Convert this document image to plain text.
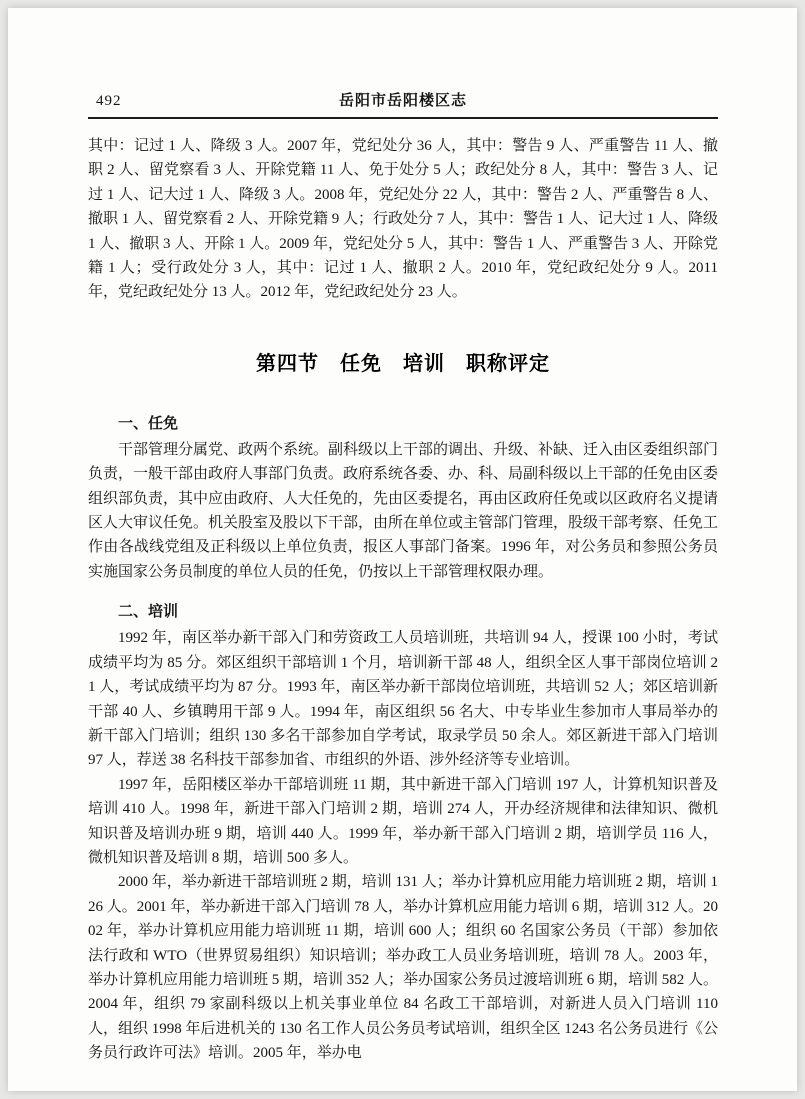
492	岳阳市岳阳楼区志

其中：记过 1 人、降级 3 人。2007 年，党纪处分 36 人，其中：警告 9 人、严重警告 11 人、撤职 2 人、留党察看 3 人、开除党籍 11 人、免于处分 5 人；政纪处分 8 人，其中：警告 3 人、记过 1 人、记大过 1 人、降级 3 人。2008 年，党纪处分 22 人，其中：警告 2 人、严重警告 8 人、撤职 1 人、留党察看 2 人、开除党籍 9 人；行政处分 7 人，其中：警告 1 人、记大过 1 人、降级 1 人、撤职 3 人、开除 1 人。2009 年，党纪处分 5 人，其中：警告 1 人、严重警告 3 人、开除党籍 1 人；受行政处分 3 人，其中：记过 1 人、撤职 2 人。2010 年，党纪政纪处分 9 人。2011 年，党纪政纪处分 13 人。2012 年，党纪政纪处分 23 人。

第四节　任免　培训　职称评定
一、任免

干部管理分属党、政两个系统。副科级以上干部的调出、升级、补缺、迁入由区委组织部门负责，一般干部由政府人事部门负责。政府系统各委、办、科、局副科级以上干部的任免由区委组织部负责，其中应由政府、人大任免的，先由区委提名，再由区政府任免或以区政府名义提请区人大审议任免。机关股室及股以下干部，由所在单位或主管部门管理，股级干部考察、任免工作由各战线党组及正科级以上单位负责，报区人事部门备案。1996 年，对公务员和参照公务员实施国家公务员制度的单位人员的任免，仍按以上干部管理权限办理。

二、培训

1992 年，南区举办新干部入门和劳资政工人员培训班，共培训 94 人，授课 100 小时，考试成绩平均为 85 分。郊区组织干部培训 1 个月，培训新干部 48 人，组织全区人事干部岗位培训 21 人，考试成绩平均为 87 分。1993 年，南区举办新干部岗位培训班，共培训 52 人；郊区培训新干部 40 人、乡镇聘用干部 9 人。1994 年，南区组织 56 名大、中专毕业生参加市人事局举办的新干部入门培训；组织 130 多名干部参加自学考试，取录学员 50 余人。郊区新进干部入门培训 97 人，荐送 38 名科技干部参加省、市组织的外语、涉外经济等专业培训。

1997 年，岳阳楼区举办干部培训班 11 期，其中新进干部入门培训 197 人，计算机知识普及培训 410 人。1998 年，新进干部入门培训 2 期，培训 274 人，开办经济规律和法律知识、微机知识普及培训办班 9 期，培训 440 人。1999 年，举办新干部入门培训 2 期，培训学员 116 人，微机知识普及培训 8 期，培训 500 多人。

2000 年，举办新进干部培训班 2 期，培训 131 人；举办计算机应用能力培训班 2 期，培训 126 人。2001 年，举办新进干部入门培训 78 人，举办计算机应用能力培训 6 期，培训 312 人。2002 年，举办计算机应用能力培训班 11 期，培训 600 人；组织 60 名国家公务员（干部）参加依法行政和 WTO（世界贸易组织）知识培训；举办政工人员业务培训班，培训 78 人。2003 年，举办计算机应用能力培训班 5 期，培训 352 人；举办国家公务员过渡培训班 6 期，培训 582 人。2004 年，组织 79 家副科级以上机关事业单位 84 名政工干部培训，对新进人员入门培训 110 人，组织 1998 年后进机关的 130 名工作人员公务员考试培训，组织全区 1243 名公务员进行《公务员行政许可法》培训。2005 年，举办电
